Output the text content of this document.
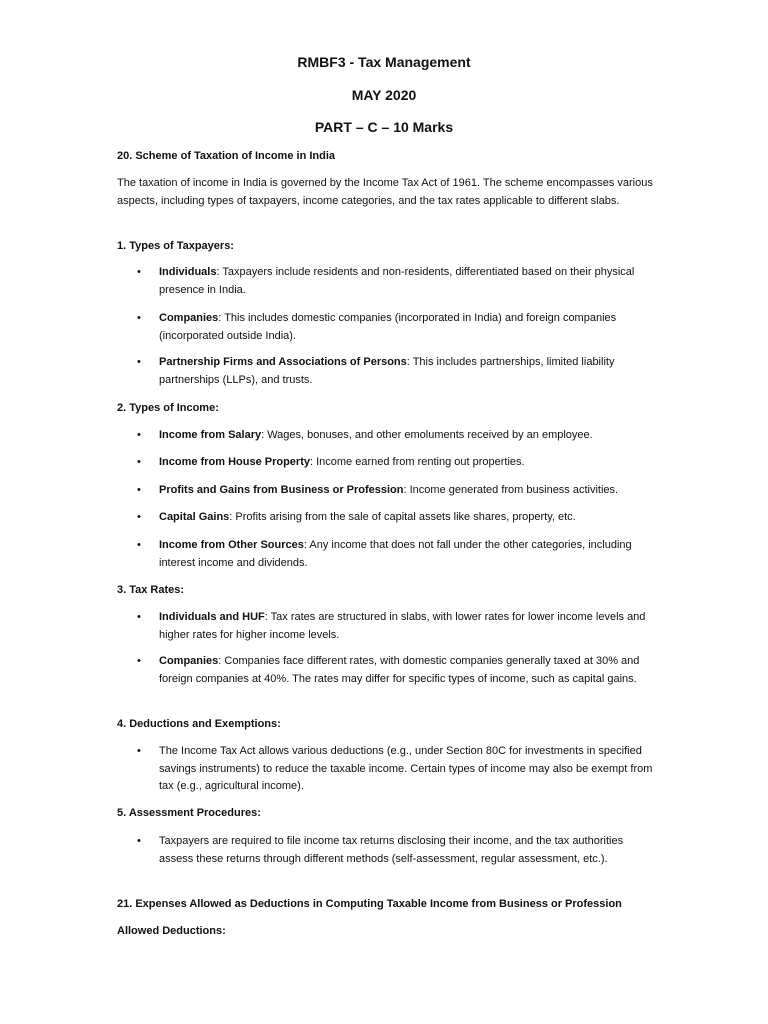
RMBF3 - Tax Management
MAY 2020
PART – C – 10 Marks
20. Scheme of Taxation of Income in India
The taxation of income in India is governed by the Income Tax Act of 1961. The scheme encompasses various aspects, including types of taxpayers, income categories, and the tax rates applicable to different slabs.
1. Types of Taxpayers:
•	Individuals: Taxpayers include residents and non-residents, differentiated based on their physical presence in India.
•	Companies: This includes domestic companies (incorporated in India) and foreign companies (incorporated outside India).
•	Partnership Firms and Associations of Persons: This includes partnerships, limited liability partnerships (LLPs), and trusts.
2. Types of Income:
•	Income from Salary: Wages, bonuses, and other emoluments received by an employee.
•	Income from House Property: Income earned from renting out properties.
•	Profits and Gains from Business or Profession: Income generated from business activities.
•	Capital Gains: Profits arising from the sale of capital assets like shares, property, etc.
•	Income from Other Sources: Any income that does not fall under the other categories, including interest income and dividends.
3. Tax Rates:
•	Individuals and HUF: Tax rates are structured in slabs, with lower rates for lower income levels and higher rates for higher income levels.
•	Companies: Companies face different rates, with domestic companies generally taxed at 30% and foreign companies at 40%. The rates may differ for specific types of income, such as capital gains.
4. Deductions and Exemptions:
•	The Income Tax Act allows various deductions (e.g., under Section 80C for investments in specified savings instruments) to reduce the taxable income. Certain types of income may also be exempt from tax (e.g., agricultural income).
5. Assessment Procedures:
•	Taxpayers are required to file income tax returns disclosing their income, and the tax authorities assess these returns through different methods (self-assessment, regular assessment, etc.).
21. Expenses Allowed as Deductions in Computing Taxable Income from Business or Profession
Allowed Deductions:
